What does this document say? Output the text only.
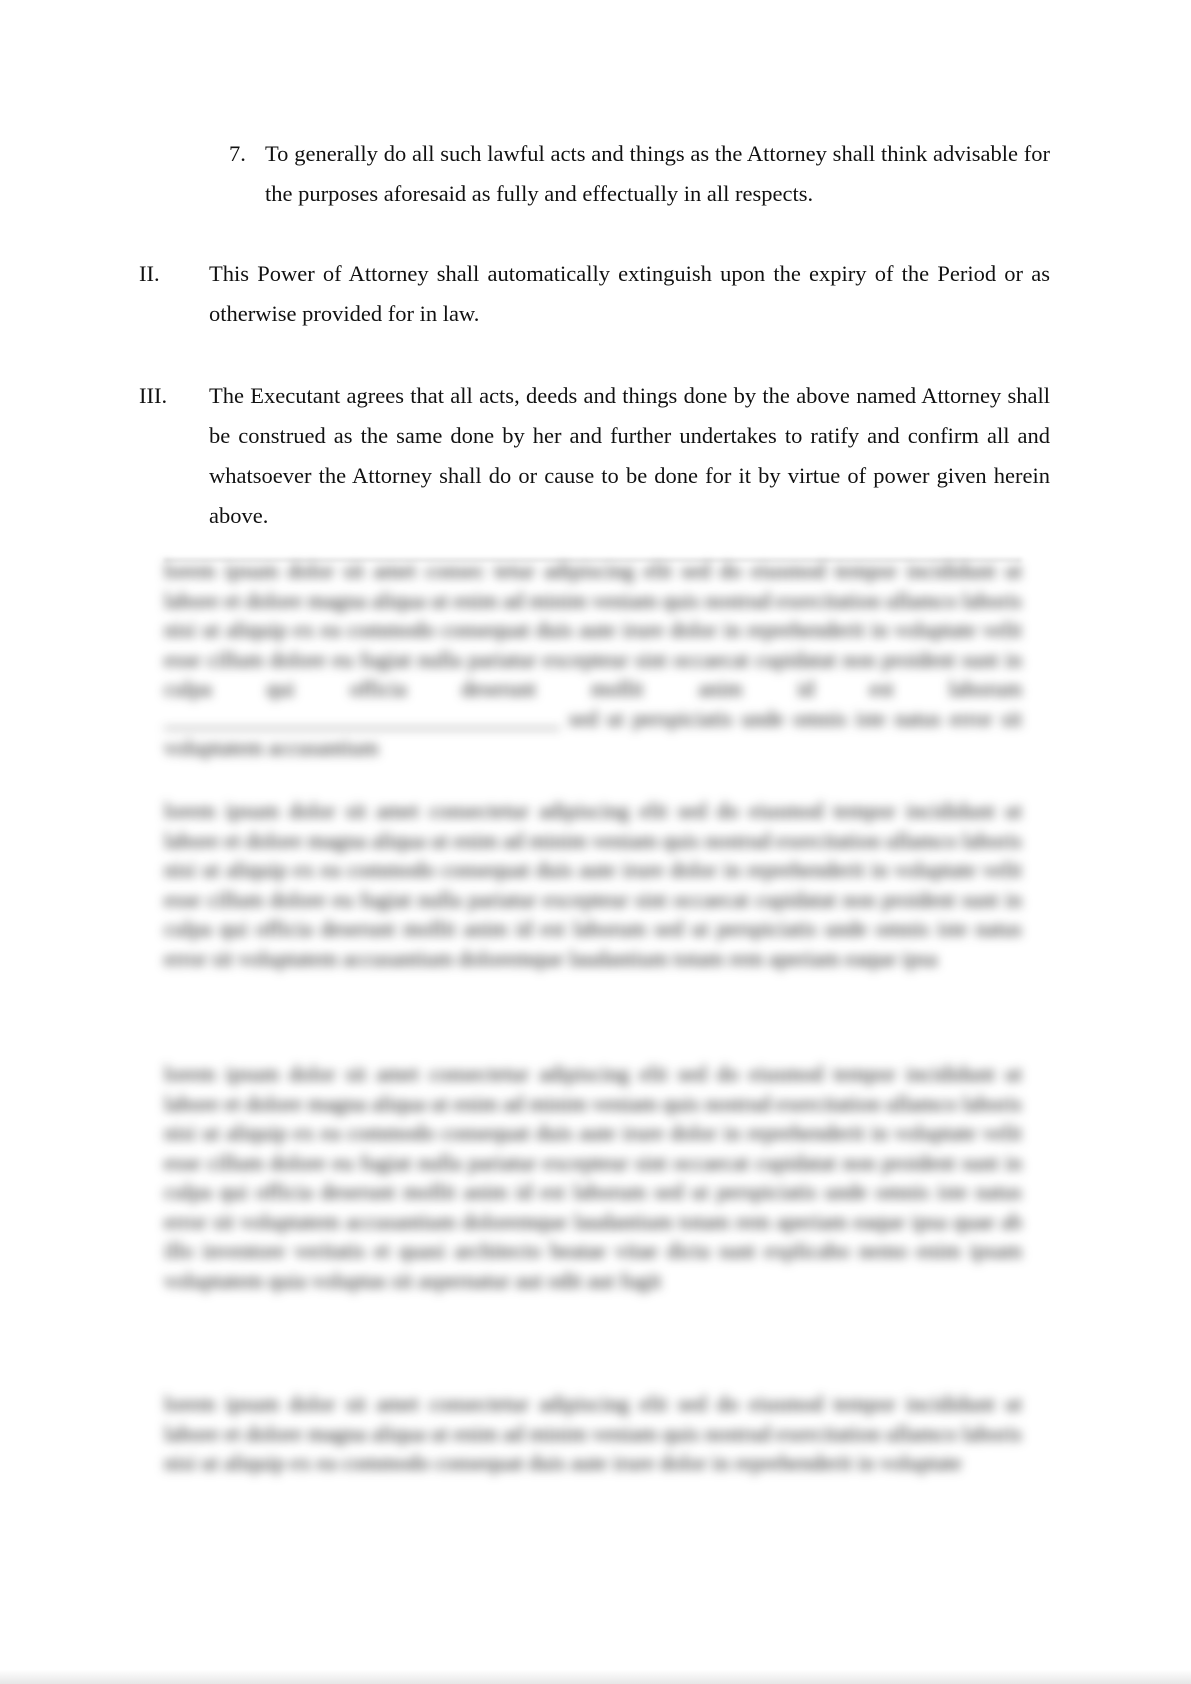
7. To generally do all such lawful acts and things as the Attorney shall think advisable for the purposes aforesaid as fully and effectually in all respects.
II. This Power of Attorney shall automatically extinguish upon the expiry of the Period or as otherwise provided for in law.
III. The Executant agrees that all acts, deeds and things done by the above named Attorney shall be construed as the same done by her and further undertakes to ratify and confirm all and whatsoever the Attorney shall do or cause to be done for it by virtue of power given herein above.
lorem ipsum dolor sit amet consec tetur adipiscing elit sed do eiusmod tempor incididunt ut labore et dolore magna aliqua ut enim ad minim veniam quis nostrud exercitation ullamco laboris nisi ut aliquip ex ea commodo consequat duis aute irure dolor in reprehenderit in voluptate velit esse cillum dolore eu fugiat nulla pariatur excepteur sint occaecat cupidatat non proident sunt in culpa qui officia deserunt mollit anim id est laborum ____________________________________ sed ut perspiciatis unde omnis iste natus error sit voluptatem accusantium
lorem ipsum dolor sit amet consectetur adipiscing elit sed do eiusmod tempor incididunt ut labore et dolore magna aliqua ut enim ad minim veniam quis nostrud exercitation ullamco laboris nisi ut aliquip ex ea commodo consequat duis aute irure dolor in reprehenderit in voluptate velit esse cillum dolore eu fugiat nulla pariatur excepteur sint occaecat cupidatat non proident sunt in culpa qui officia deserunt mollit anim id est laborum sed ut perspiciatis unde omnis iste natus error sit voluptatem accusantium doloremque laudantium totam rem aperiam eaque ipsa
lorem ipsum dolor sit amet consectetur adipiscing elit sed do eiusmod tempor incididunt ut labore et dolore magna aliqua ut enim ad minim veniam quis nostrud exercitation ullamco laboris nisi ut aliquip ex ea commodo consequat duis aute irure dolor in reprehenderit in voluptate velit esse cillum dolore eu fugiat nulla pariatur excepteur sint occaecat cupidatat non proident sunt in culpa qui officia deserunt mollit anim id est laborum sed ut perspiciatis unde omnis iste natus error sit voluptatem accusantium doloremque laudantium totam rem aperiam eaque ipsa quae ab illo inventore veritatis et quasi architecto beatae vitae dicta sunt explicabo nemo enim ipsam voluptatem quia voluptas sit aspernatur aut odit aut fugit
lorem ipsum dolor sit amet consectetur adipiscing elit sed do eiusmod tempor incididunt ut labore et dolore magna aliqua ut enim ad minim veniam quis nostrud exercitation ullamco laboris nisi ut aliquip ex ea commodo consequat duis aute irure dolor in reprehenderit in voluptate
